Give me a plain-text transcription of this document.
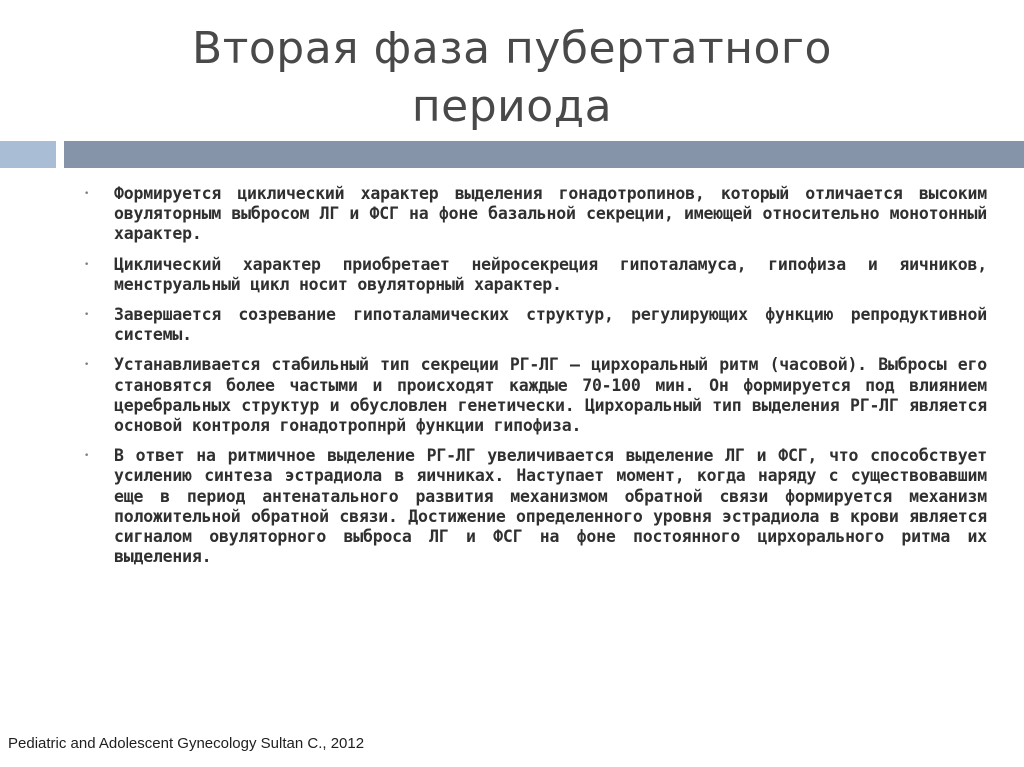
Вторая фаза пубертатного
периода
• Формируется циклический характер выделения гонадотропинов, который отличается высоким овуляторным выбросом ЛГ и ФСГ на фоне базальной секреции, имеющей относительно монотонный характер.
• Циклический характер приобретает нейросекреция гипоталамуса, гипофиза и яичников, менструальный цикл носит овуляторный характер.
• Завершается созревание гипоталамических структур, регулирующих функцию репродуктивной системы.
• Устанавливается стабильный тип секреции РГ-ЛГ – цирхоральный ритм (часовой). Выбросы его становятся более частыми и происходят каждые 70-100 мин. Он формируется под влиянием церебральных структур и обусловлен генетически. Цирхоральный тип выделения РГ-ЛГ является основой контроля гонадотропнрй функции гипофиза.
• В ответ на ритмичное выделение РГ-ЛГ увеличивается выделение ЛГ и ФСГ, что способствует усилению синтеза эстрадиола в яичниках. Наступает момент, когда наряду с существовавшим еще в период антенатального развития механизмом обратной связи формируется механизм положительной обратной связи. Достижение определенного уровня эстрадиола в крови является сигналом овуляторного выброса ЛГ и ФСГ на фоне постоянного цирхорального ритма их выделения.
Pediatric and Adolescent Gynecology Sultan C., 2012
